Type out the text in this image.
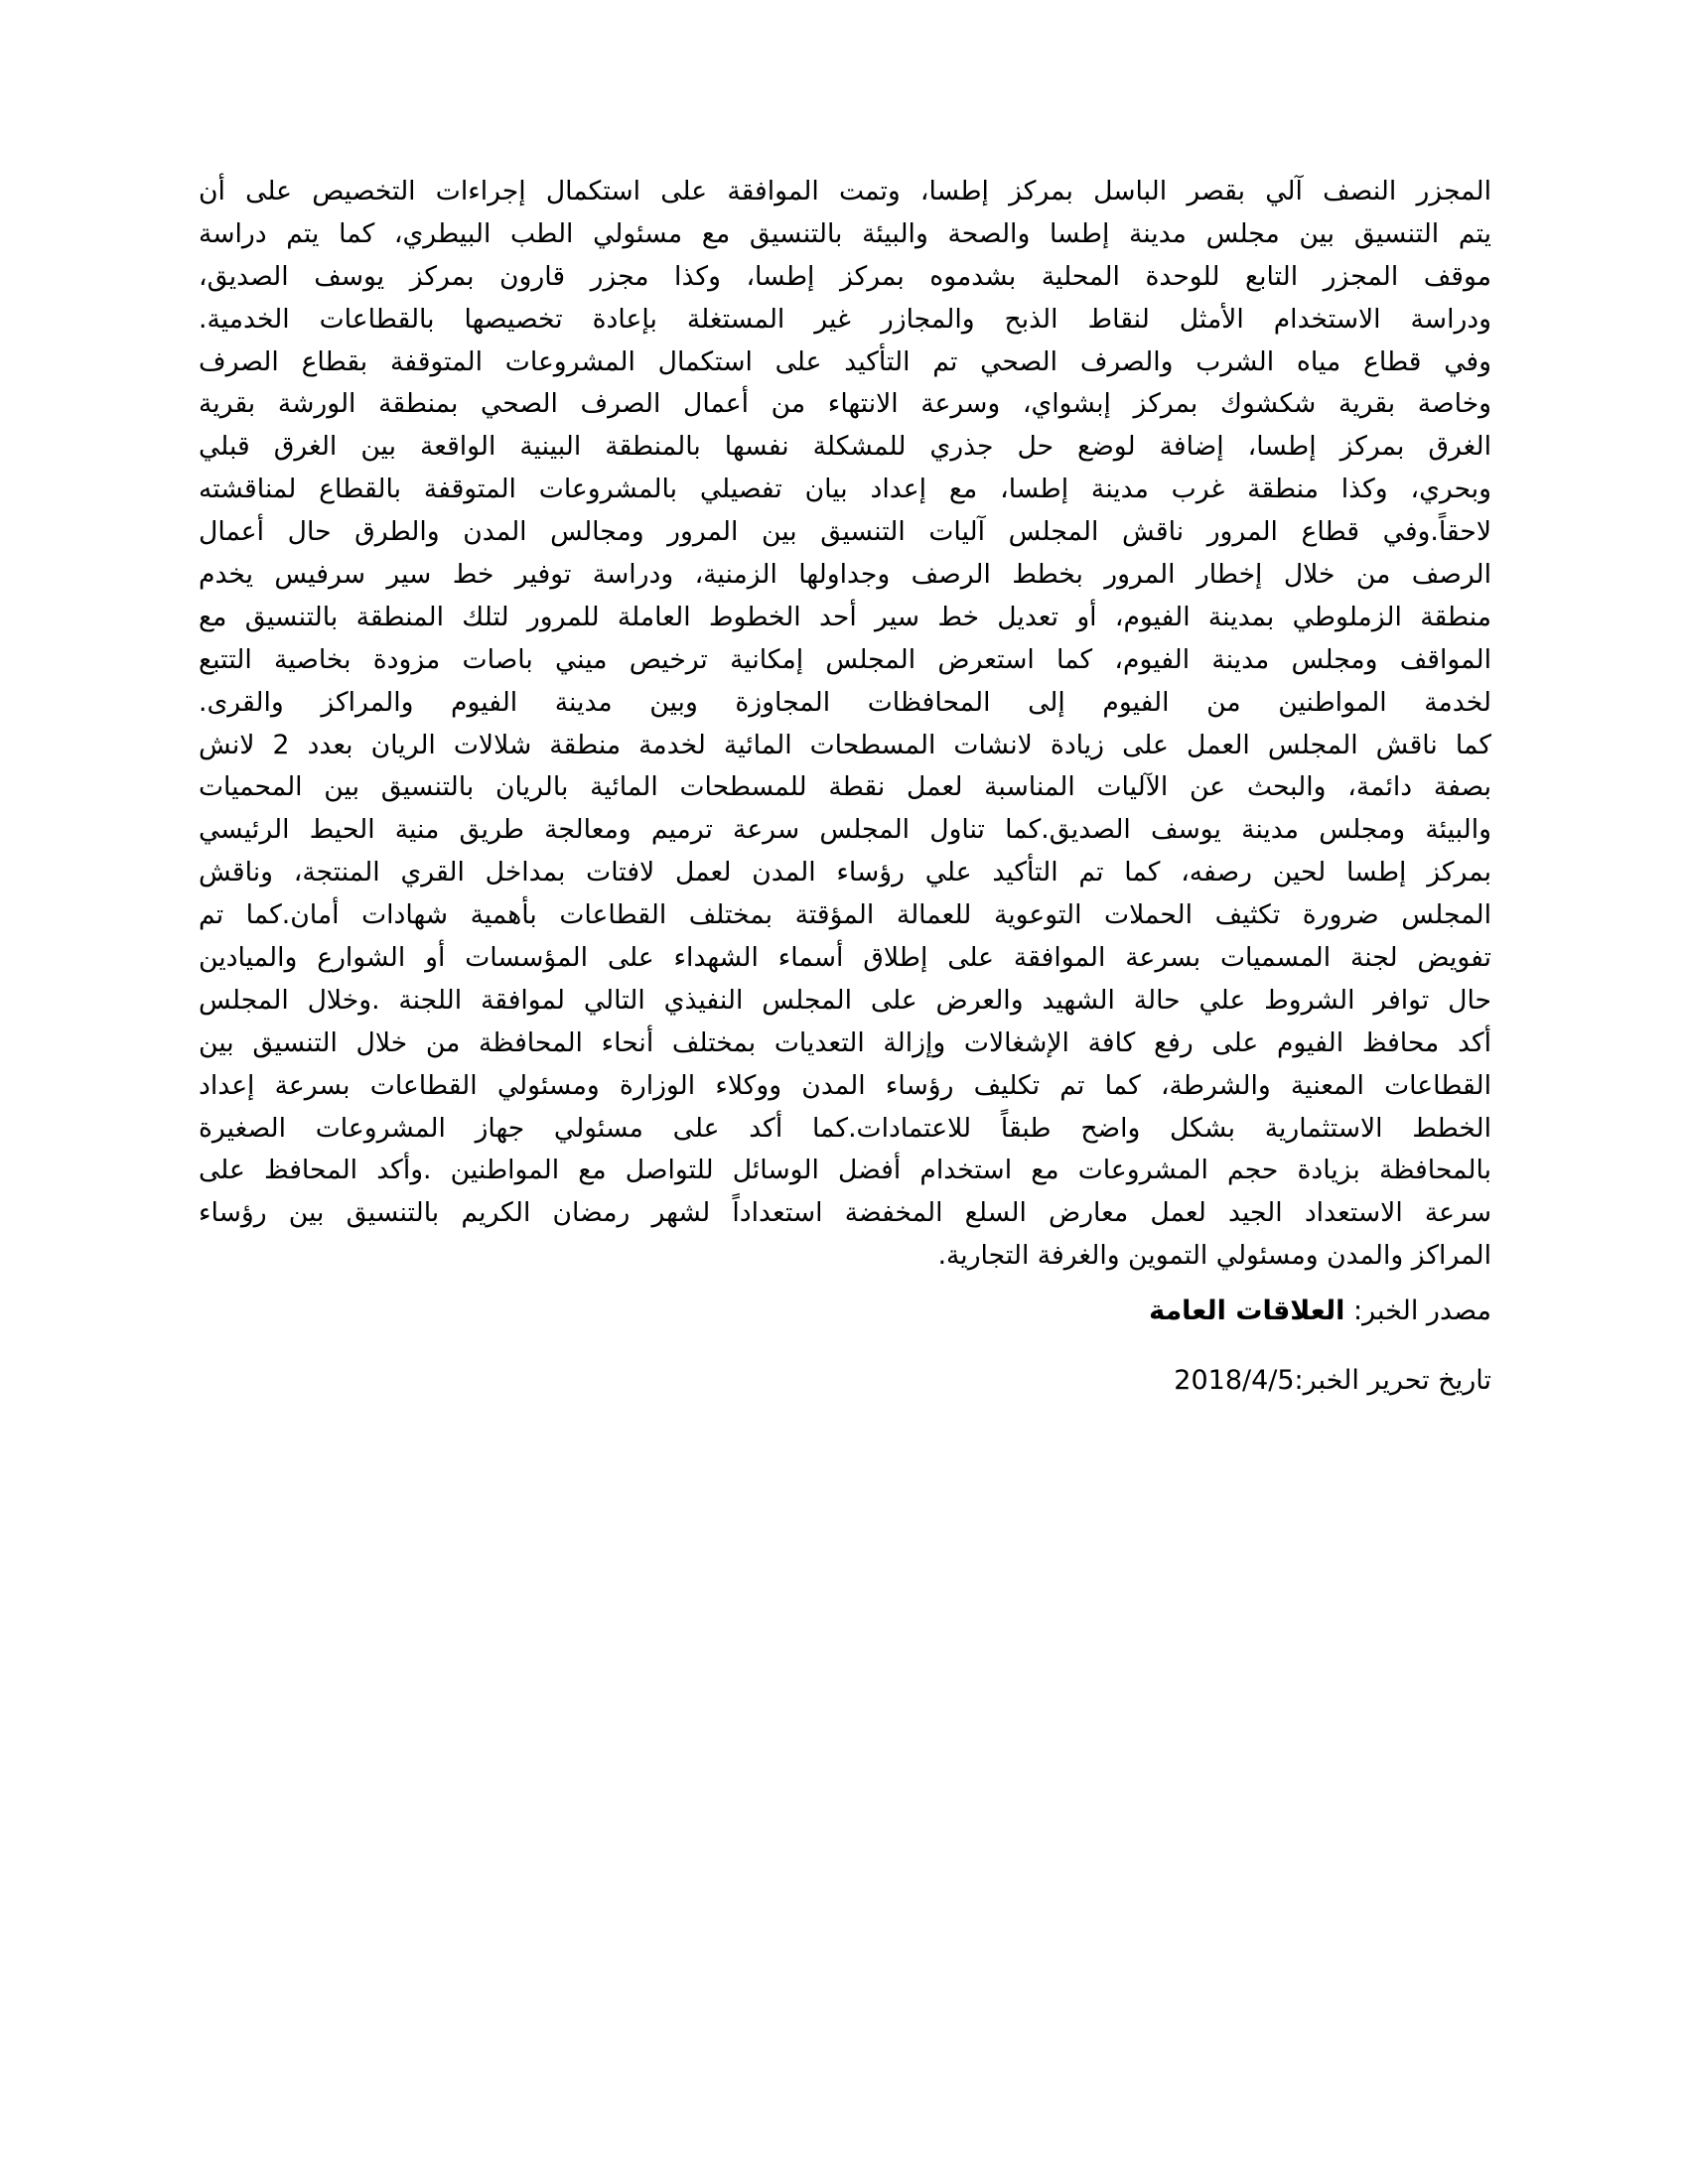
المجزر النصف آلي بقصر الباسل بمركز إطسا، وتمت الموافقة على استكمال إجراءات التخصيص على أن
يتم التنسيق بين مجلس مدينة إطسا والصحة والبيئة بالتنسيق مع مسئولي الطب البيطري، كما يتم دراسة
موقف المجزر التابع للوحدة المحلية بشدموه بمركز إطسا، وكذا مجزر قارون بمركز يوسف الصديق،
ودراسة الاستخدام الأمثل لنقاط الذبح والمجازر غير المستغلة بإعادة تخصيصها بالقطاعات الخدمية.
وفي قطاع مياه الشرب والصرف الصحي تم التأكيد على استكمال المشروعات المتوقفة بقطاع الصرف
وخاصة بقرية شكشوك بمركز إبشواي، وسرعة الانتهاء من أعمال الصرف الصحي بمنطقة الورشة بقرية
الغرق بمركز إطسا، إضافة لوضع حل جذري للمشكلة نفسها بالمنطقة البينية الواقعة بين الغرق قبلي
وبحري، وكذا منطقة غرب مدينة إطسا، مع إعداد بيان تفصيلي بالمشروعات المتوقفة بالقطاع لمناقشته
لاحقاً.وفي قطاع المرور ناقش المجلس آليات التنسيق بين المرور ومجالس المدن والطرق حال أعمال
الرصف من خلال إخطار المرور بخطط الرصف وجداولها الزمنية، ودراسة توفير خط سير سرفيس يخدم
منطقة الزملوطي بمدينة الفيوم، أو تعديل خط سير أحد الخطوط العاملة للمرور لتلك المنطقة بالتنسيق مع
المواقف ومجلس مدينة الفيوم، كما استعرض المجلس إمكانية ترخيص ميني باصات مزودة بخاصية التتبع
لخدمة المواطنين من الفيوم إلى المحافظات المجاوزة وبين مدينة الفيوم والمراكز والقرى.
كما ناقش المجلس العمل على زيادة لانشات المسطحات المائية لخدمة منطقة شلالات الريان بعدد 2 لانش
بصفة دائمة، والبحث عن الآليات المناسبة لعمل نقطة للمسطحات المائية بالريان بالتنسيق بين المحميات
والبيئة ومجلس مدينة يوسف الصديق.كما تناول المجلس سرعة ترميم ومعالجة طريق منية الحيط الرئيسي
بمركز إطسا لحين رصفه، كما تم التأكيد علي رؤساء المدن لعمل لافتات بمداخل القري المنتجة، وناقش
المجلس ضرورة تكثيف الحملات التوعوية للعمالة المؤقتة بمختلف القطاعات بأهمية شهادات أمان.كما تم
تفويض لجنة المسميات بسرعة الموافقة على إطلاق أسماء الشهداء على المؤسسات أو الشوارع والميادين
حال توافر الشروط علي حالة الشهيد والعرض على المجلس النفيذي التالي لموافقة اللجنة .وخلال المجلس
أكد محافظ الفيوم على رفع كافة الإشغالات وإزالة التعديات بمختلف أنحاء المحافظة من خلال التنسيق بين
القطاعات المعنية والشرطة، كما تم تكليف رؤساء المدن ووكلاء الوزارة ومسئولي القطاعات بسرعة إعداد
الخطط الاستثمارية بشكل واضح طبقاً للاعتمادات.كما أكد على مسئولي جهاز المشروعات الصغيرة
بالمحافظة بزيادة حجم المشروعات مع استخدام أفضل الوسائل للتواصل مع المواطنين .وأكد المحافظ على
سرعة الاستعداد الجيد لعمل معارض السلع المخفضة استعداداً لشهر رمضان الكريم بالتنسيق بين رؤساء
المراكز والمدن ومسئولي التموين والغرفة التجارية.
مصدر الخبر: العلاقات العامة
تاريخ تحرير الخبر:2018/4/5
